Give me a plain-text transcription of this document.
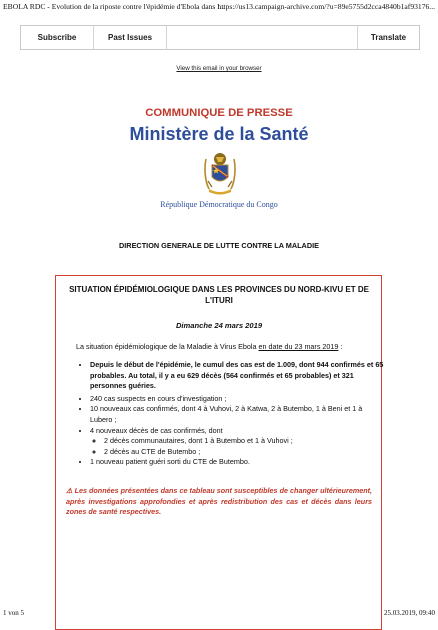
EBOLA RDC - Evolution de la riposte contre l'épidémie d'Ebola dans l...
https://us13.campaign-archive.com/?u=89e5755d2cca4840b1af93176...
Subscribe	Past Issues	Translate
View this email in your browser
COMMUNIQUE DE PRESSE
Ministère de la Santé
République Démocratique du Congo
DIRECTION GENERALE DE LUTTE CONTRE LA MALADIE
SITUATION ÉPIDÉMIOLOGIQUE DANS LES PROVINCES DU NORD-KIVU ET DE L'ITURI
Dimanche 24 mars 2019
La situation épidémiologique de la Maladie à Virus Ebola en date du 23 mars 2019 :
• Depuis le début de l'épidémie, le cumul des cas est de 1.009, dont 944 confirmés et 65 probables. Au total, il y a eu 629 décès (564 confirmés et 65 probables) et 321 personnes guéries.
• 240 cas suspects en cours d'investigation ;
• 10 nouveaux cas confirmés, dont 4 à Vuhovi, 2 à Katwa, 2 à Butembo, 1 à Beni et 1 à Lubero ;
• 4 nouveaux décès de cas confirmés, dont
◦ 2 décès communautaires, dont 1 à Butembo et 1 à Vuhovi ;
◦ 2 décès au CTE de Butembo ;
• 1 nouveau patient guéri sorti du CTE de Butembo.
⚠ Les données présentées dans ce tableau sont susceptibles de changer ultérieurement, après investigations approfondies et après redistribution des cas et décès dans leurs zones de santé respectives.
1 von 5	25.03.2019, 09:40
